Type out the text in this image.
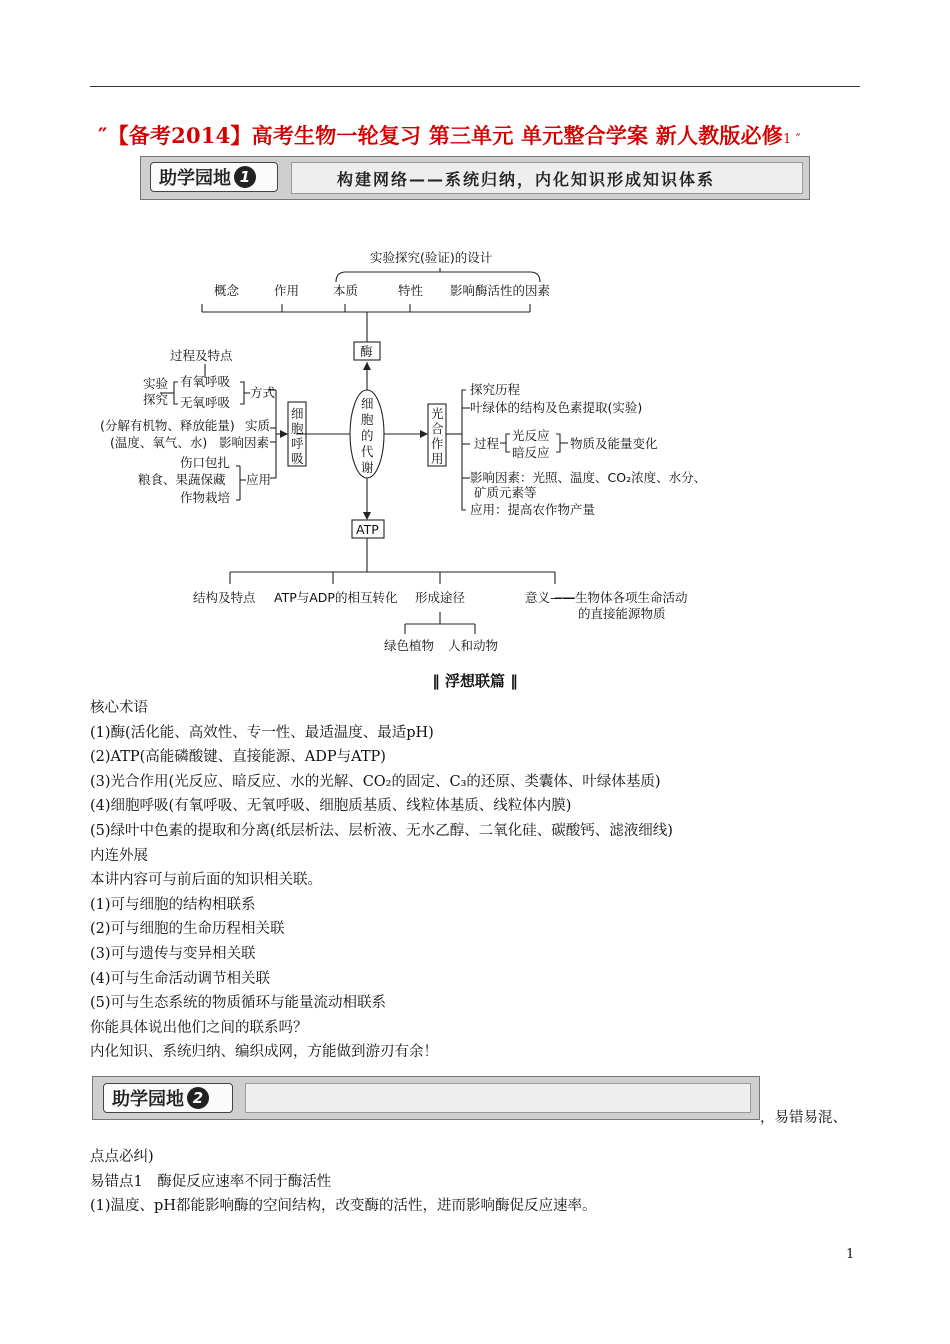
″【备考2014】高考生物一轮复习 第三单元 单元整合学案 新人教版必修1 ″
助学园地 1	构建网络——系统归纳，内化知识形成知识体系
实验探究(验证)的设计
概念	作用	本质	特性 影响酶活性的因素
酶
细
胞
的
代
谢
细
胞
呼
吸
光
合
作
用
过程及特点
实验
探究
有氧呼吸
无氧呼吸
方式
(分解有机物、释放能量) 实质
(温度、氧气、水) 影响因素
伤口包扎
粮食、果蔬保藏
作物栽培
应用
探究历程
叶绿体的结构及色素提取(实验)
过程
光反应
暗反应
物质及能量变化
影响因素：光照、温度、CO₂浓度、水分、
矿质元素等
应用：提高农作物产量
ATP
结构及特点 ATP与ADP的相互转化 形成途径	意义——生物体各项生命活动
的直接能源物质
绿色植物 人和动物
‖ 浮想联篇 ‖
核心术语
(1)酶(活化能、高效性、专一性、最适温度、最适pH)
(2)ATP(高能磷酸键、直接能源、ADP与ATP)
(3)光合作用(光反应、暗反应、水的光解、CO₂的固定、C₃的还原、类囊体、叶绿体基质)
(4)细胞呼吸(有氧呼吸、无氧呼吸、细胞质基质、线粒体基质、线粒体内膜)
(5)绿叶中色素的提取和分离(纸层析法、层析液、无水乙醇、二氧化硅、碳酸钙、滤液细线)
内连外展
本讲内容可与前后面的知识相关联。
(1)可与细胞的结构相联系
(2)可与细胞的生命历程相关联
(3)可与遗传与变异相关联
(4)可与生命活动调节相关联
(5)可与生态系统的物质循环与能量流动相联系
你能具体说出他们之间的联系吗？
内化知识、系统归纳、编织成网，方能做到游刃有余！
助学园地 2
，易错易混、
点点必纠)
易错点1　酶促反应速率不同于酶活性
(1)温度、pH都能影响酶的空间结构，改变酶的活性，进而影响酶促反应速率。
1
